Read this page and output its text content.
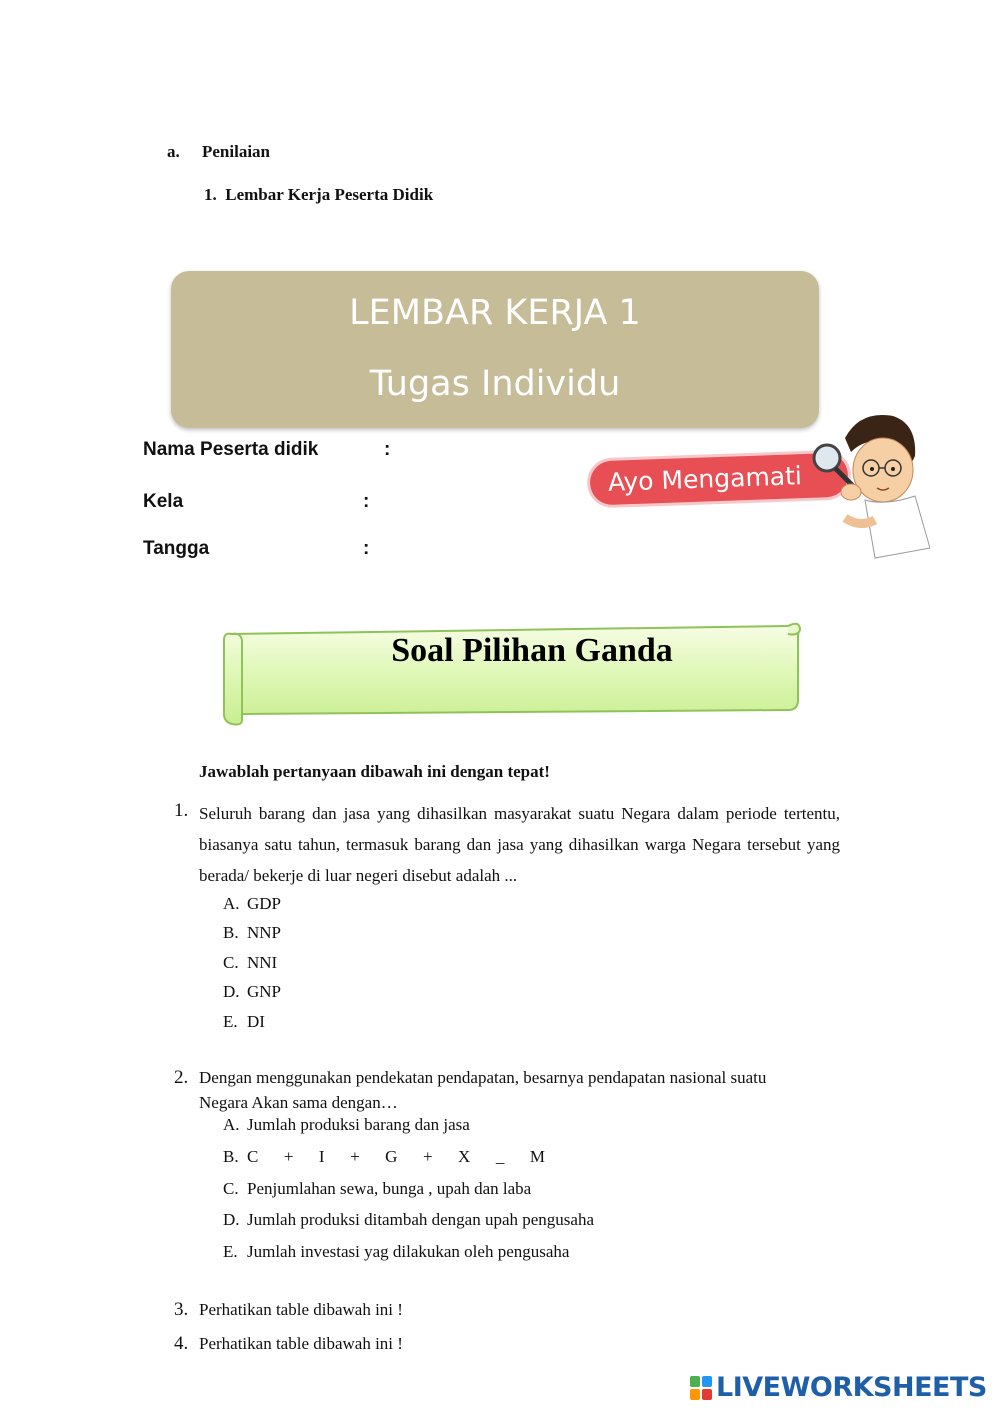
a. Penilaian
1. Lembar Kerja Peserta Didik
LEMBAR KERJA 1
Tugas Individu
Nama Peserta didik	:
Kela	:
Tangga	:
Ayo Mengamati
Soal Pilihan Ganda
Jawablah pertanyaan dibawah ini dengan tepat!
1. Seluruh barang dan jasa yang dihasilkan masyarakat suatu Negara dalam periode tertentu, biasanya satu tahun, termasuk barang dan jasa yang dihasilkan warga Negara tersebut yang berada/ bekerje di luar negeri disebut adalah ...
A. GDP
B. NNP
C. NNI
D. GNP
E. DI
2. Dengan menggunakan pendekatan pendapatan, besarnya pendapatan nasional suatu
Negara Akan sama dengan…
A. Jumlah produksi barang dan jasa
B. C      +      I      +      G      +      X      _      M
C. Penjumlahan sewa, bunga , upah dan laba
D. Jumlah produksi ditambah dengan upah pengusaha
E. Jumlah investasi yag dilakukan oleh pengusaha
3. Perhatikan table dibawah ini !
4. Perhatikan table dibawah ini !
LIVEWORKSHEETS
